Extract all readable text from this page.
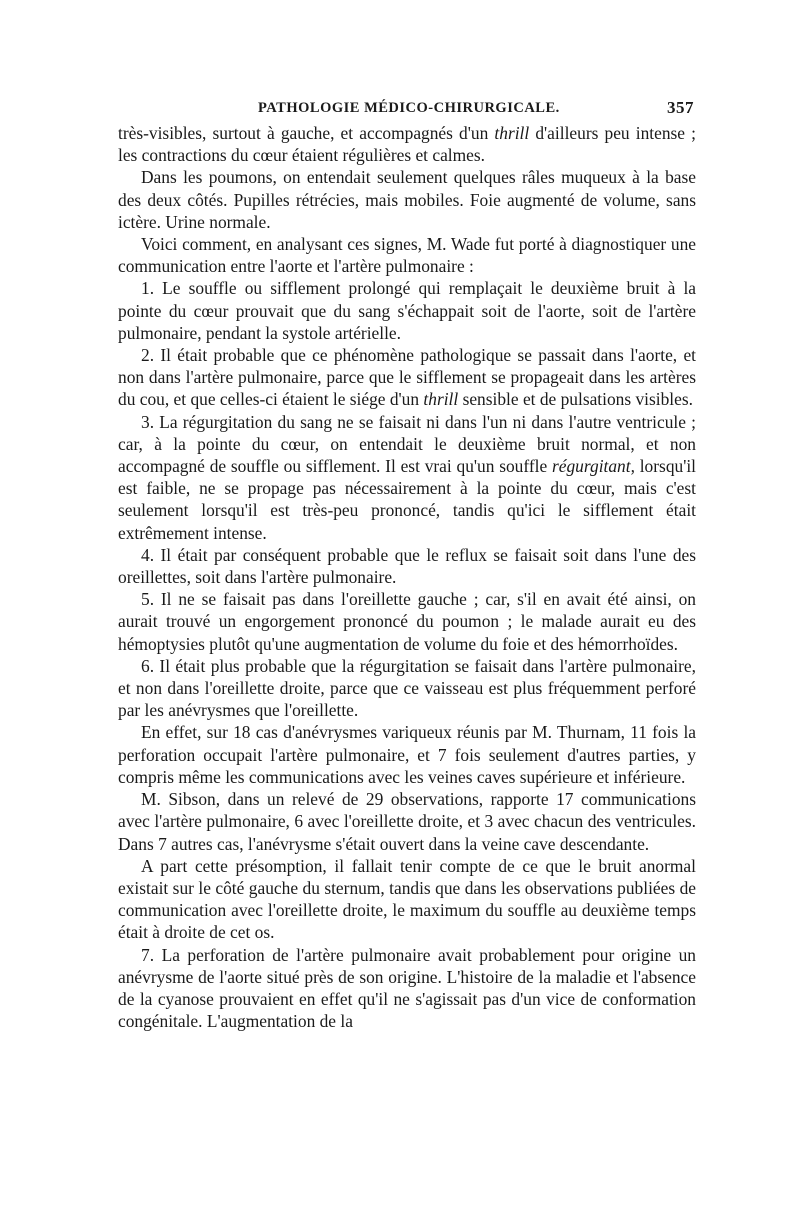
PATHOLOGIE MÉDICO-CHIRURGICALE.	357

très-visibles, surtout à gauche, et accompagnés d'un thrill d'ailleurs peu intense ; les contractions du cœur étaient régulières et calmes.

Dans les poumons, on entendait seulement quelques râles muqueux à la base des deux côtés. Pupilles rétrécies, mais mobiles. Foie augmenté de volume, sans ictère. Urine normale.

Voici comment, en analysant ces signes, M. Wade fut porté à diagnostiquer une communication entre l'aorte et l'artère pulmonaire :

1. Le souffle ou sifflement prolongé qui remplaçait le deuxième bruit à la pointe du cœur prouvait que du sang s'échappait soit de l'aorte, soit de l'artère pulmonaire, pendant la systole artérielle.

2. Il était probable que ce phénomène pathologique se passait dans l'aorte, et non dans l'artère pulmonaire, parce que le sifflement se propageait dans les artères du cou, et que celles-ci étaient le siége d'un thrill sensible et de pulsations visibles.

3. La régurgitation du sang ne se faisait ni dans l'un ni dans l'autre ventricule ; car, à la pointe du cœur, on entendait le deuxième bruit normal, et non accompagné de souffle ou sifflement. Il est vrai qu'un souffle régurgitant, lorsqu'il est faible, ne se propage pas nécessairement à la pointe du cœur, mais c'est seulement lorsqu'il est très-peu prononcé, tandis qu'ici le sifflement était extrêmement intense.

4. Il était par conséquent probable que le reflux se faisait soit dans l'une des oreillettes, soit dans l'artère pulmonaire.

5. Il ne se faisait pas dans l'oreillette gauche ; car, s'il en avait été ainsi, on aurait trouvé un engorgement prononcé du poumon ; le malade aurait eu des hémoptysies plutôt qu'une augmentation de volume du foie et des hémorrhoïdes.

6. Il était plus probable que la régurgitation se faisait dans l'artère pulmonaire, et non dans l'oreillette droite, parce que ce vaisseau est plus fréquemment perforé par les anévrysmes que l'oreillette.

En effet, sur 18 cas d'anévrysmes variqueux réunis par M. Thurnam, 11 fois la perforation occupait l'artère pulmonaire, et 7 fois seulement d'autres parties, y compris même les communications avec les veines caves supérieure et inférieure.

M. Sibson, dans un relevé de 29 observations, rapporte 17 communications avec l'artère pulmonaire, 6 avec l'oreillette droite, et 3 avec chacun des ventricules. Dans 7 autres cas, l'anévrysme s'était ouvert dans la veine cave descendante.

A part cette présomption, il fallait tenir compte de ce que le bruit anormal existait sur le côté gauche du sternum, tandis que dans les observations publiées de communication avec l'oreillette droite, le maximum du souffle au deuxième temps était à droite de cet os.

7. La perforation de l'artère pulmonaire avait probablement pour origine un anévrysme de l'aorte situé près de son origine. L'histoire de la maladie et l'absence de la cyanose prouvaient en effet qu'il ne s'agissait pas d'un vice de conformation congénitale. L'augmentation de la
